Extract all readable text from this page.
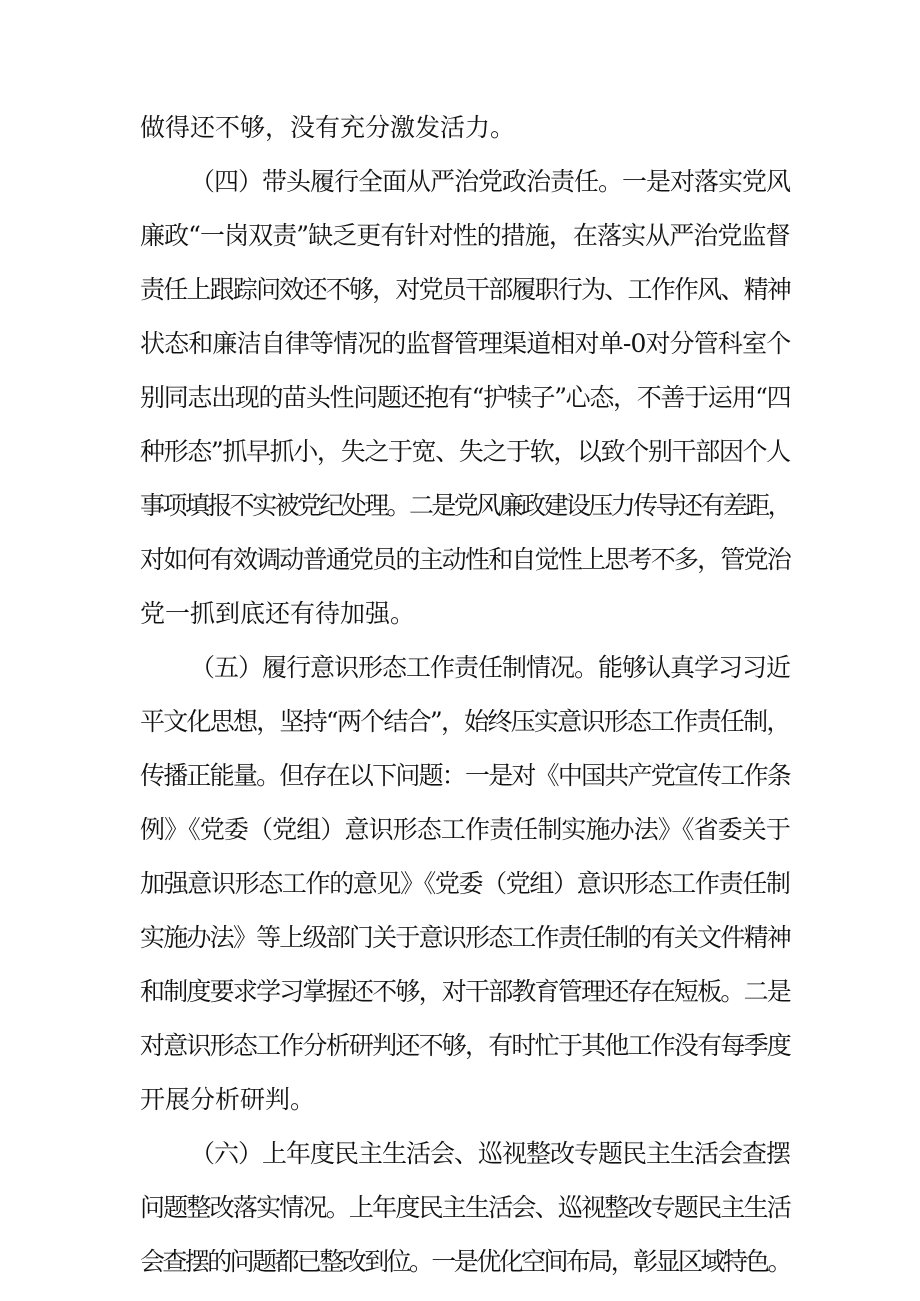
做得还不够，没有充分激发活力。
（四）带头履行全面从严治党政治责任。一是对落实党风
廉政“一岗双责”缺乏更有针对性的措施，在落实从严治党监督
责任上跟踪问效还不够，对党员干部履职行为、工作作风、精神
状态和廉洁自律等情况的监督管理渠道相对单-0对分管科室个
别同志出现的苗头性问题还抱有“护犊子”心态，不善于运用“四
种形态”抓早抓小，失之于宽、失之于软，以致个别干部因个人
事项填报不实被党纪处理。二是党风廉政建设压力传导还有差距，
对如何有效调动普通党员的主动性和自觉性上思考不多，管党治
党一抓到底还有待加强。
（五）履行意识形态工作责任制情况。能够认真学习习近
平文化思想，坚持“两个结合”，始终压实意识形态工作责任制，
传播正能量。但存在以下问题：一是对《中国共产党宣传工作条
例》《党委（党组）意识形态工作责任制实施办法》《省委关于
加强意识形态工作的意见》《党委（党组）意识形态工作责任制
实施办法》等上级部门关于意识形态工作责任制的有关文件精神
和制度要求学习掌握还不够，对干部教育管理还存在短板。二是
对意识形态工作分析研判还不够，有时忙于其他工作没有每季度
开展分析研判。
（六）上年度民主生活会、巡视整改专题民主生活会查摆
问题整改落实情况。上年度民主生活会、巡视整改专题民主生活
会查摆的问题都已整改到位。一是优化空间布局，彰显区域特色。
